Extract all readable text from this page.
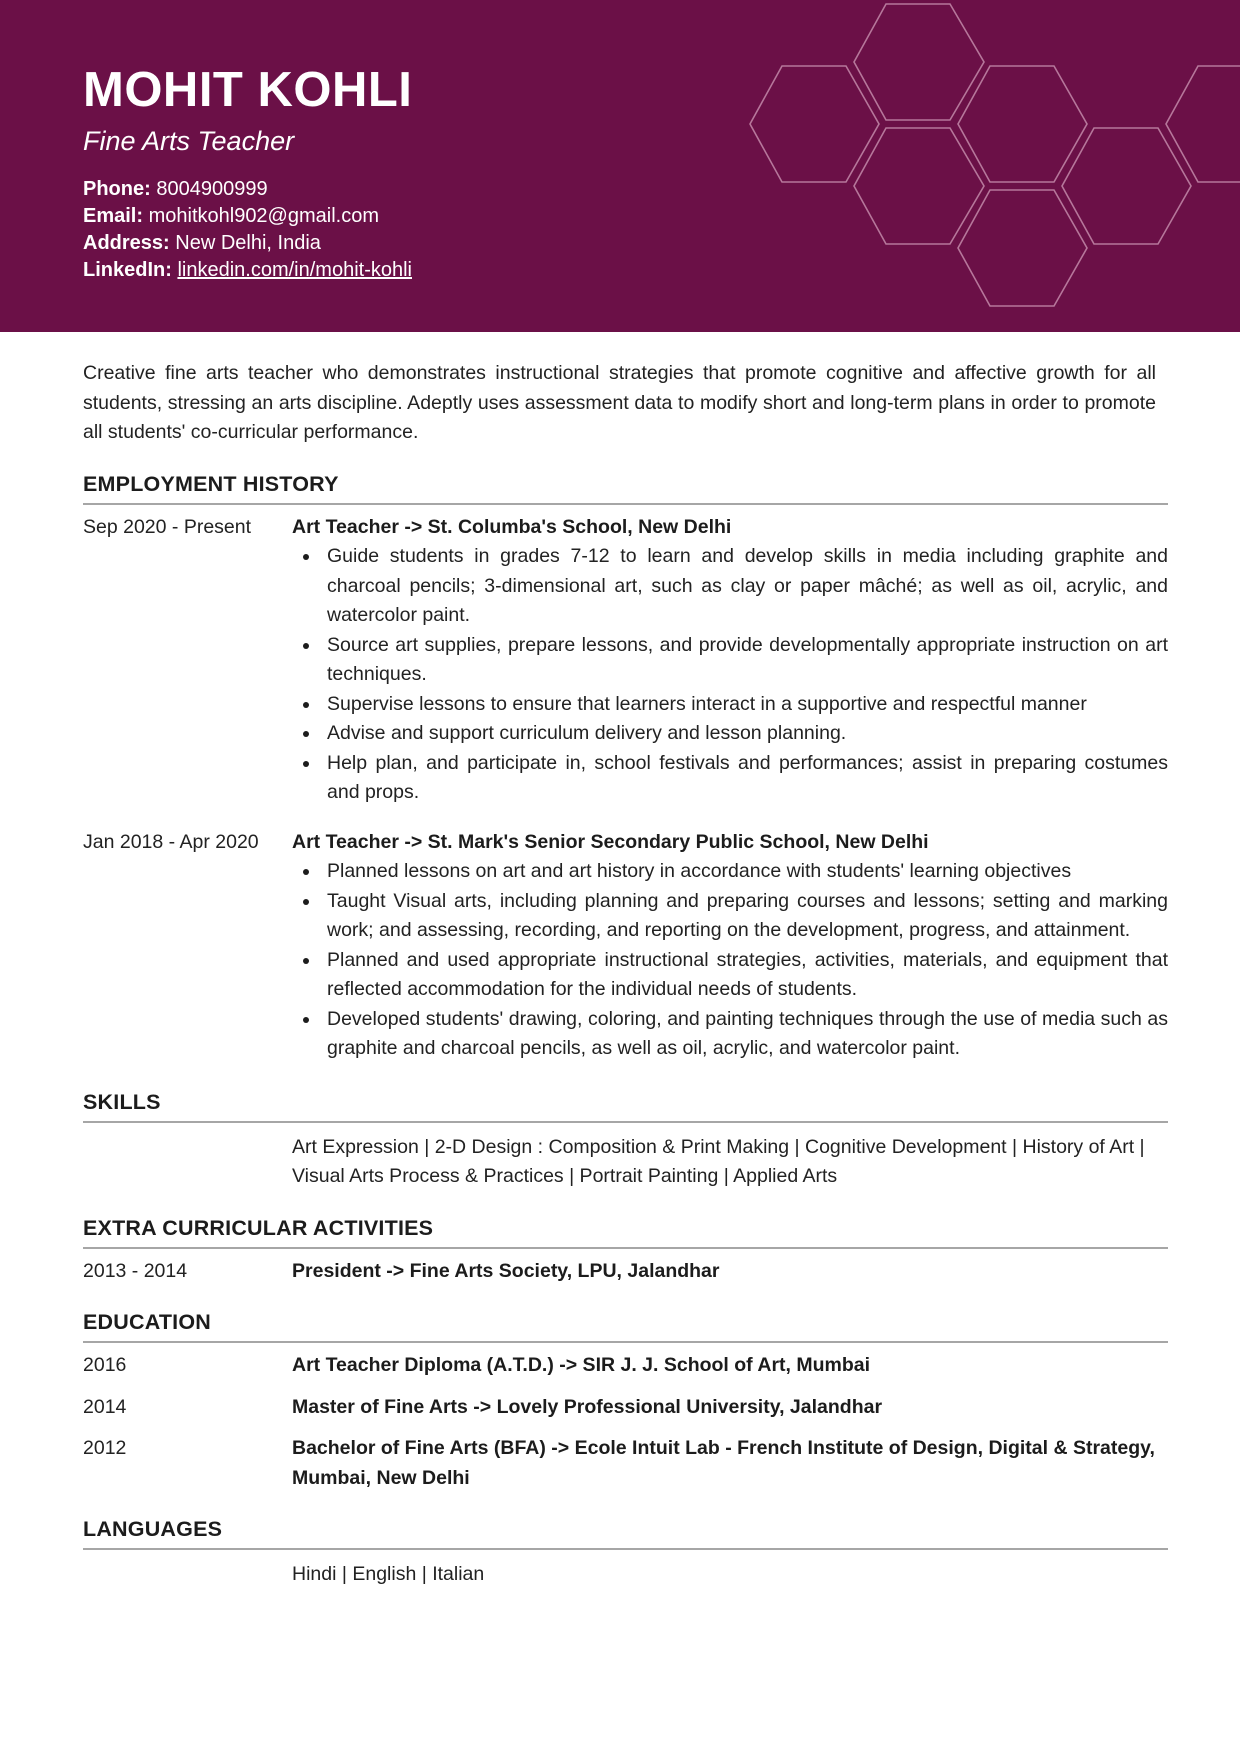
MOHIT KOHLI
Fine Arts Teacher
Phone: 8004900999
Email: mohitkohl902@gmail.com
Address: New Delhi, India
LinkedIn: linkedin.com/in/mohit-kohli

Creative fine arts teacher who demonstrates instructional strategies that promote cognitive and affective growth for all students, stressing an arts discipline. Adeptly uses assessment data to modify short and long-term plans in order to promote all students' co-curricular performance.

EMPLOYMENT HISTORY
Sep 2020 - Present	Art Teacher -> St. Columba's School, New Delhi
Guide students in grades 7-12 to learn and develop skills in media including graphite and charcoal pencils; 3-dimensional art, such as clay or paper mâché; as well as oil, acrylic, and watercolor paint.
Source art supplies, prepare lessons, and provide developmentally appropriate instruction on art techniques.
Supervise lessons to ensure that learners interact in a supportive and respectful manner
Advise and support curriculum delivery and lesson planning.
Help plan, and participate in, school festivals and performances; assist in preparing costumes and props.
Jan 2018 - Apr 2020	Art Teacher -> St. Mark's Senior Secondary Public School, New Delhi
Planned lessons on art and art history in accordance with students' learning objectives
Taught Visual arts, including planning and preparing courses and lessons; setting and marking work; and assessing, recording, and reporting on the development, progress, and attainment.
Planned and used appropriate instructional strategies, activities, materials, and equipment that reflected accommodation for the individual needs of students.
Developed students' drawing, coloring, and painting techniques through the use of media such as graphite and charcoal pencils, as well as oil, acrylic, and watercolor paint.
SKILLS
Art Expression | 2-D Design : Composition & Print Making | Cognitive Development | History of Art | Visual Arts Process & Practices | Portrait Painting | Applied Arts
EXTRA CURRICULAR ACTIVITIES
2013 - 2014	President -> Fine Arts Society, LPU, Jalandhar
EDUCATION
2016	Art Teacher Diploma (A.T.D.) -> SIR J. J. School of Art, Mumbai
2014	Master of Fine Arts -> Lovely Professional University, Jalandhar
2012	Bachelor of Fine Arts (BFA) -> Ecole Intuit Lab - French Institute of Design, Digital & Strategy, Mumbai, New Delhi
LANGUAGES
Hindi | English | Italian
